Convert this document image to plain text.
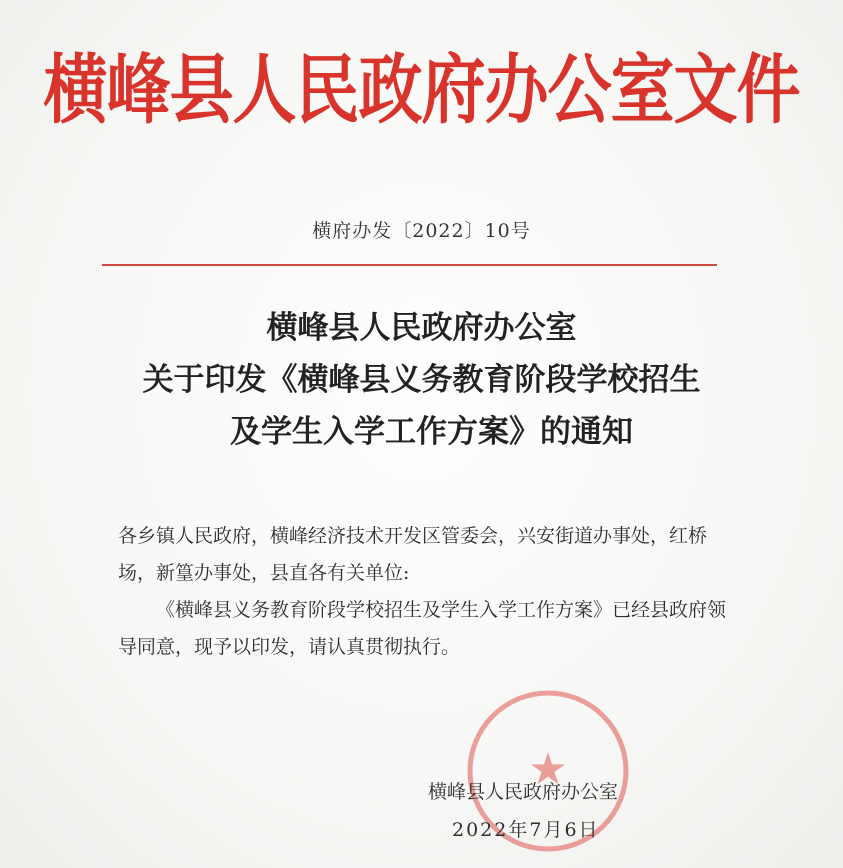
横峰县人民政府办公室文件
横府办发〔2022〕10号
横峰县人民政府办公室
关于印发《横峰县义务教育阶段学校招生
及学生入学工作方案》的通知

各乡镇人民政府，横峰经济技术开发区管委会，兴安街道办事处，红桥场，新篁办事处，县直各有关单位:

《横峰县义务教育阶段学校招生及学生入学工作方案》已经县政府领导同意，现予以印发，请认真贯彻执行。

★
横峰县人民政府办公室
2022年7月6日
